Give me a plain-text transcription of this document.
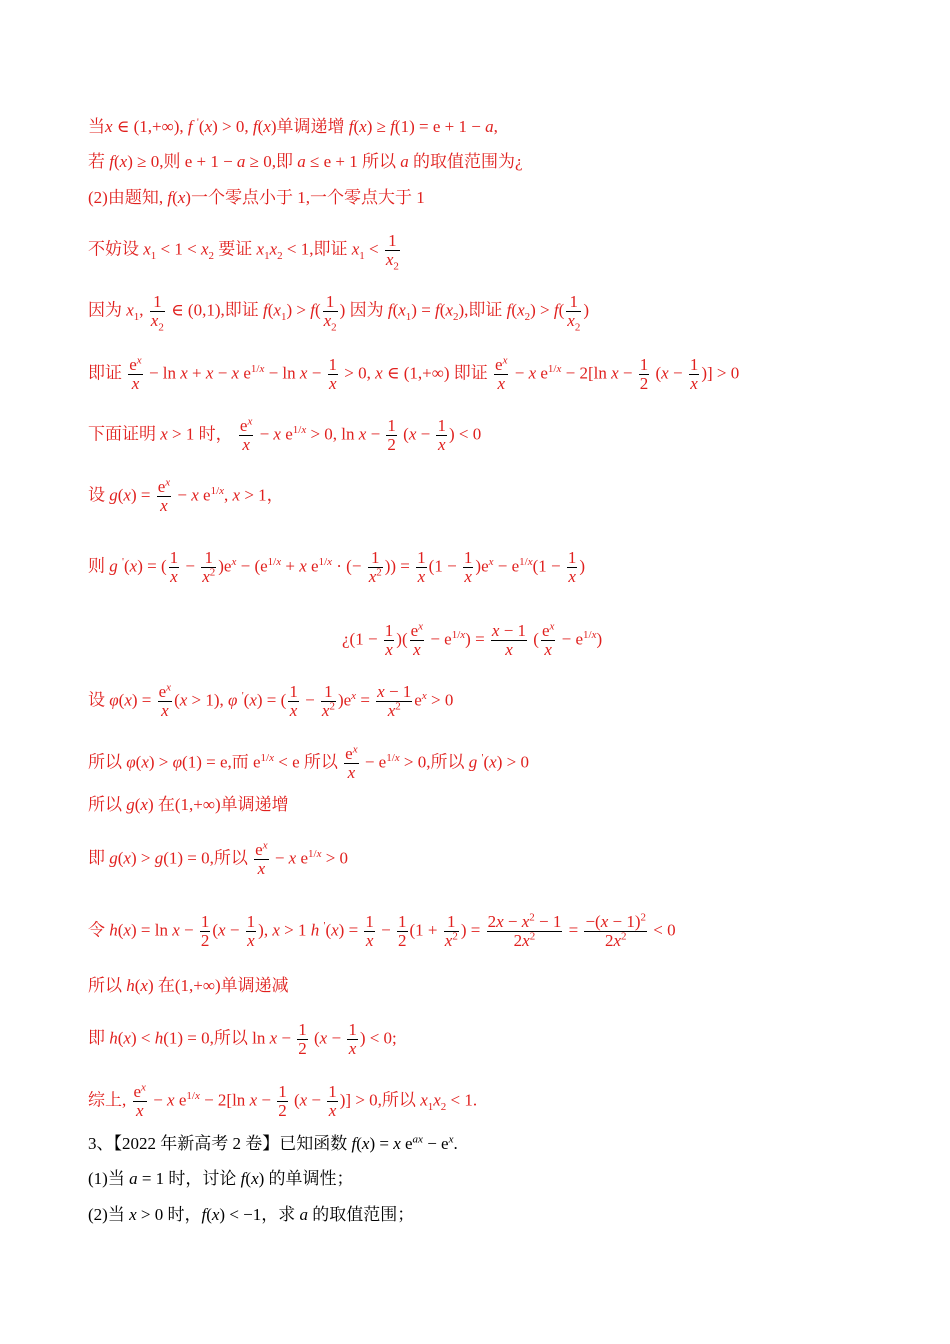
当x ∈ (1,+∞), f '(x) > 0, f(x)单调递增 f(x) ≥ f(1) = e + 1 − a,
若 f(x) ≥ 0,则 e + 1 − a ≥ 0,即 a ≤ e + 1 所以 a 的取值范围为¿
(2)由题知, f(x)一个零点小于 1,一个零点大于 1
不妨设 $x_1 < 1 < x_2$ 要证 $x_1x_2 < 1$,即证 $x_1 < \frac{1}{x_2}$
因为 $x_1$, $\frac{1}{x_2}$ ∈ (0,1),即证 $f(x_1) > f( \frac{1}{x_2}$ ) 因为 $f(x_1) = f(x_2)$,即证 $f(x_2) > f( \frac{1}{x_2}$ )
即证 $\frac{e^x}{x} - \ln x + x - x$ $e^{1/x} - \ln x - \frac{1}{x} > 0$, x ∈ (1,+∞) 即证 $\frac{e^x}{x} - x$ $e^{1/x} - 2[\ln$ $x - \frac{1}{2} (x - \frac{1}{x}$ )] > 0
下面证明 x > 1 时， $\frac{e^x}{x} - x$ $e^{1/x} > 0$, $\ln x - \frac{1}{2} (x - \frac{1}{x}$ ) < 0
设 $g(x) = \frac{e^x}{x} - x$ $e^{1/x}$, x > 1，
则 g '(x) = ( $\frac{1}{x} - \frac{1}{x^2} )e^x - (e^{1/x} + x$ $e^{1/x}$ · (− $\frac{1}{x^2}$ )) = $\frac{1}{x} (1 - \frac{1}{x} )e^x - e^{1/x}(1 - \frac{1}{x}$ )
¿($1 - \frac{1}{x}$ )( $\frac{e^x}{x} - e^{1/x}) = \frac{x - 1}{x}$ ( $\frac{e^x}{x} - e^{1/x}$)
设 $\varphi(x) = \frac{e^x}{x} (x > 1)$, φ '(x) = ( $\frac{1}{x} - \frac{1}{x^2} )e^x = \frac{x - 1}{x^2} e^x > 0$
所以 φ(x) > φ(1) = e,而 $e^{1/x} < e$ 所以 $\frac{e^x}{x} - e^{1/x} > 0$,所以 g '(x) > 0
所以 g(x) 在(1,+∞)单调递增
即 g(x) > g(1) = 0,所以 $\frac{e^x}{x} - x$ $e^{1/x} > 0$
令 $h(x) = \ln x - \frac{1}{2} (x - \frac{1}{x}$ ), x > 1 h $'(x) = \frac{1}{x} - \frac{1}{2} (1 + \frac{1}{x^2}$ ) = $\frac{2x - x^2 - 1}{2x^2} = \frac{-(x - 1)^2}{2x^2} < 0$
所以 h(x) 在(1,+∞)单调递减
即 h(x) < h(1) = 0,所以 $\ln x - \frac{1}{2} (x - \frac{1}{x}$ ) < 0;
综上, $\frac{e^x}{x} - x$ $e^{1/x} - 2[\ln$ $x - \frac{1}{2} (x - \frac{1}{x}$ )] > 0,所以 $x_1x_2 < 1$.
3、【2022 年新高考 2 卷】已知函数 f(x) = x $e^{ax} - e^x$.
(1)当 a = 1 时，讨论 f(x) 的单调性；
(2)当 x > 0 时，f(x) < −1，求 a 的取值范围；
